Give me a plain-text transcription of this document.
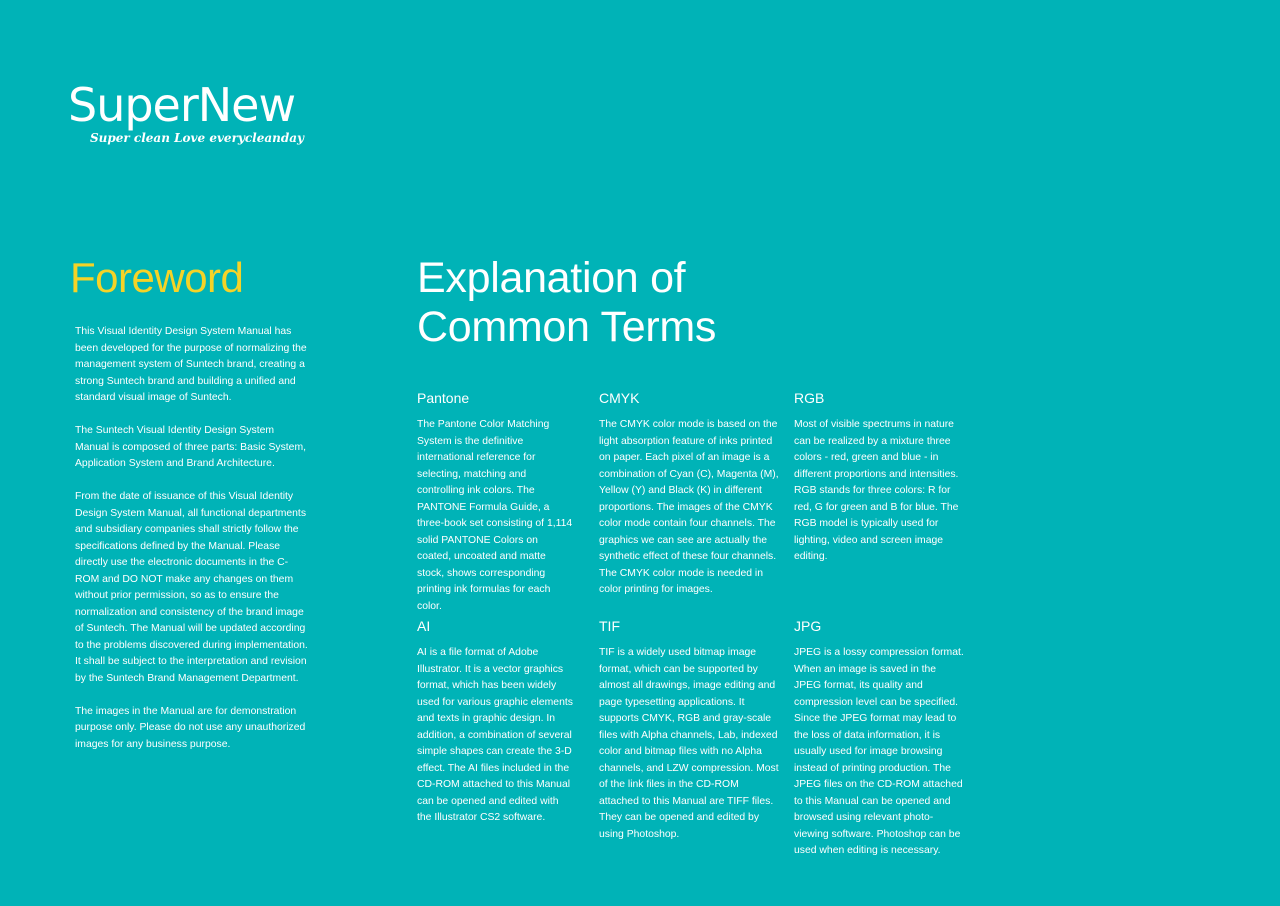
SuperNew
Super clean Love everycleanday
Foreword

This Visual Identity Design System Manual has been developed for the purpose of normalizing the management system of Suntech brand, creating a strong Suntech brand and building a unified and standard visual image of Suntech.

The Suntech Visual Identity Design System Manual is composed of three parts: Basic System, Application System and Brand Architecture.

From the date of issuance of this Visual Identity Design System Manual, all functional departments and subsidiary companies shall strictly follow the specifications defined by the Manual. Please directly use the electronic documents in the C-ROM and DO NOT make any changes on them without prior permission, so as to ensure the normalization and consistency of the brand image of Suntech. The Manual will be updated according to the problems discovered during implementation. It shall be subject to the interpretation and revision by the Suntech Brand Management Department.

The images in the Manual are for demonstration purpose only. Please do not use any unauthorized images for any business purpose.

Explanation of
Common Terms
Pantone

The Pantone Color Matching System is the definitive international reference for selecting, matching and controlling ink colors. The PANTONE Formula Guide, a three-book set consisting of 1,114 solid PANTONE Colors on coated, uncoated and matte stock, shows corresponding printing ink formulas for each color.

CMYK

The CMYK color mode is based on the light absorption feature of inks printed on paper. Each pixel of an image is a combination of Cyan (C), Magenta (M), Yellow (Y) and Black (K) in different proportions. The images of the CMYK color mode contain four channels. The graphics we can see are actually the synthetic effect of these four channels. The CMYK color mode is needed in color printing for images.

RGB

Most of visible spectrums in nature can be realized by a mixture three colors - red, green and blue - in different proportions and intensities. RGB stands for three colors: R for red, G for green and B for blue. The RGB model is typically used for lighting, video and screen image editing.

AI

AI is a file format of Adobe Illustrator. It is a vector graphics format, which has been widely used for various graphic elements and texts in graphic design. In addition, a combination of several simple shapes can create the 3-D effect. The AI files included in the CD-ROM attached to this Manual can be opened and edited with the Illustrator CS2 software.

TIF

TIF is a widely used bitmap image format, which can be supported by almost all drawings, image editing and page typesetting applications. It supports CMYK, RGB and gray-scale files with Alpha channels, Lab, indexed color and bitmap files with no Alpha channels, and LZW compression. Most of the link files in the CD-ROM attached to this Manual are TIFF files. They can be opened and edited by using Photoshop.

JPG

JPEG is a lossy compression format. When an image is saved in the JPEG format, its quality and compression level can be specified. Since the JPEG format may lead to the loss of data information, it is usually used for image browsing instead of printing production. The JPEG files on the CD-ROM attached to this Manual can be opened and browsed using relevant photo-viewing software. Photoshop can be used when editing is necessary.
